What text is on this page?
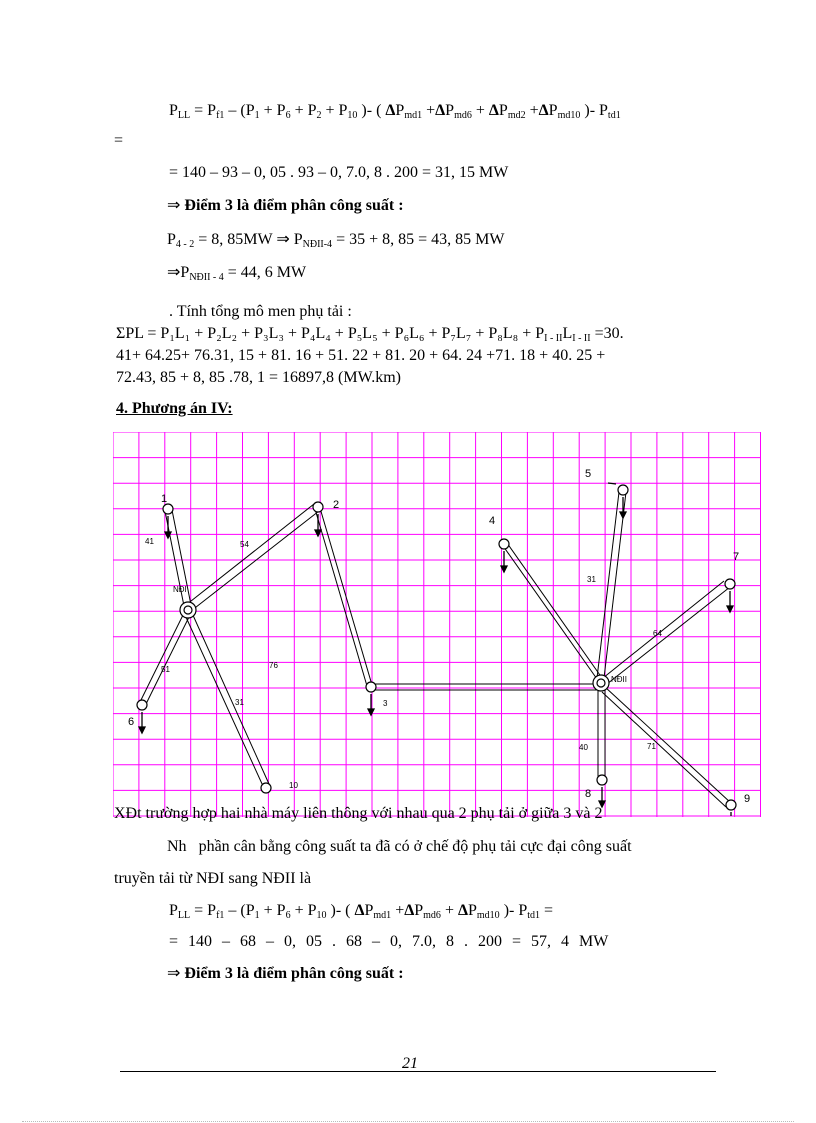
$P_{LL} = P_{f1} - (P_1 + P_6 + P_2 + P_{10}$ )- ( $\Delta P_{md1} +\Delta P_{md6} + \Delta P_{md2} +\Delta P_{md10}$ )- $P_{td1}$
=
= 140 – 93 – 0, 05 . 93 – 0, 7.0, 8 . 200 = 31, 15 MW
⇒ Điểm 3 là điểm phân công suất :
$P_{4 - 2} = 8$, 85MW ⇒ $P_{NĐII-4} = 35 + 8$, 85 = 43, 85 MW
$\Rightarrow P_{NĐII - 4} = 44$, 6 MW
. Tính tổng mô men phụ tải :
$\Sigma PL = P_1L_1 + P_2L_2 + P_3L_3 + P_4L_4 + P_5L_5 + P_6L_6 + P_7L_7 + P_8L_8 + P_{I - II}L_{I - II} =30$.
41+ 64.25+ 76.31, 15 + 81. 16 + 51. 22 + 81. 20 + 64. 24 +71. 18 + 40. 25 +
72.43, 85 + 8, 85 .78, 1 = 16897,8 (MW.km)
4. Phương án IV:
1	2
3
4
5
6
7
8	9
10
NĐI
NĐII
41	54
51	76
31
31
64
71
40
XĐt trường hợp hai nhà máy liên thông với nhau qua 2 phụ tải ở giữa 3 và 2
Nh phần cân bằng công suất ta đã có ở chế độ phụ tải cực đại công suất
truyền tải từ NĐI sang NĐII là
$P_{LL} = P_{f1} - (P_1 + P_6 + P_{10}$ )- ( $\Delta P_{md1} +\Delta P_{md6} + \Delta P_{md10}$ )- $P_{td1}$ =
= 140 – 68 – 0, 05 . 68 – 0, 7.0, 8 . 200 = 57, 4 MW
⇒ Điểm 3 là điểm phân công suất :
21
